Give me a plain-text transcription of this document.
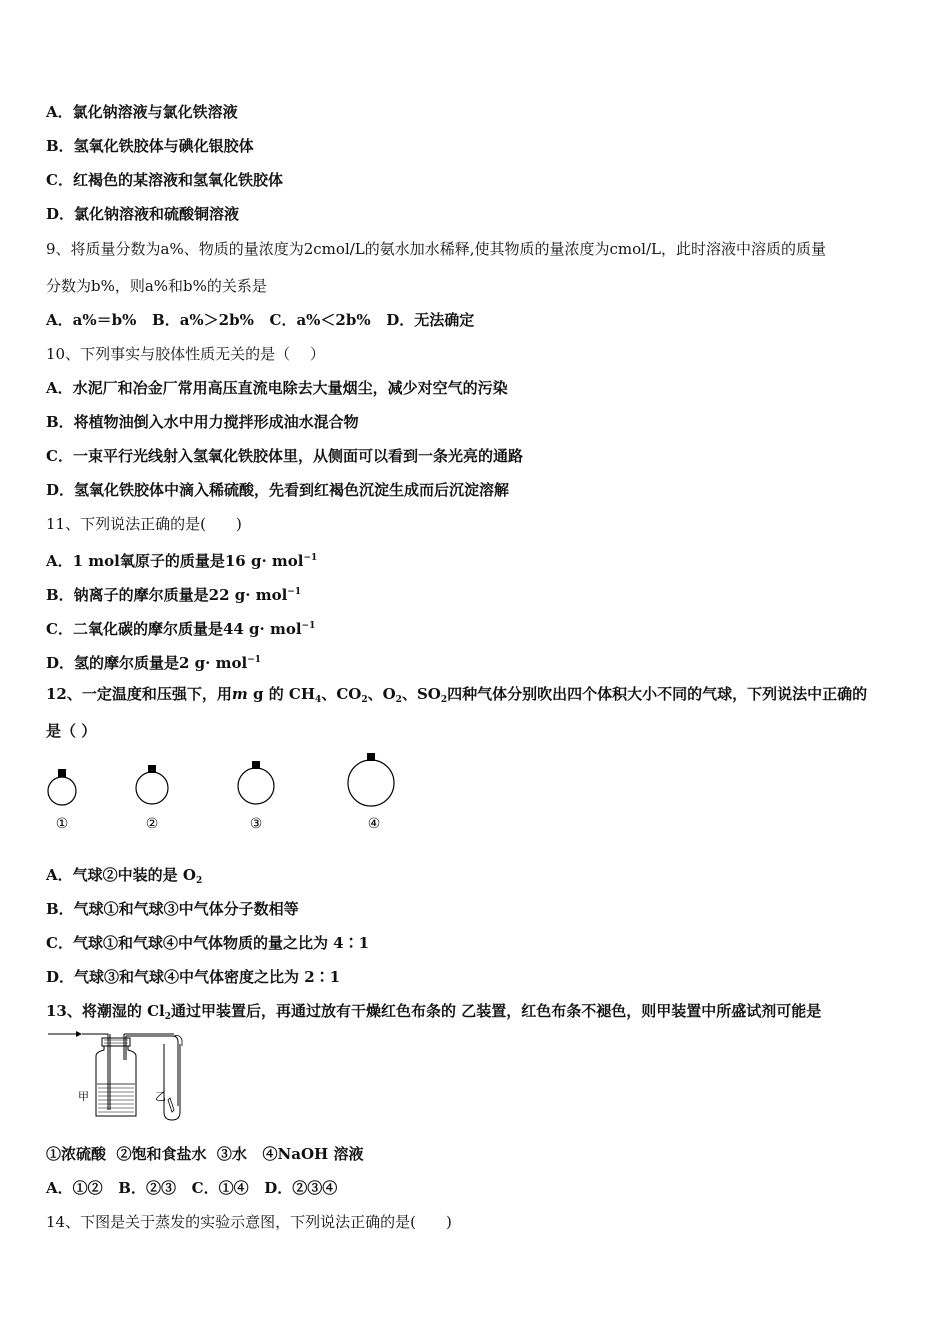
A．氯化钠溶液与氯化铁溶液
B．氢氧化铁胶体与碘化银胶体
C．红褐色的某溶液和氢氧化铁胶体
D．氯化钠溶液和硫酸铜溶液
9、将质量分数为a%、物质的量浓度为2cmol/L的氨水加水稀释,使其物质的量浓度为cmol/L，此时溶液中溶质的质量
分数为b%，则a%和b%的关系是
A．a%＝b%   B．a%＞2b%   C．a%＜2b%   D．无法确定
10、下列事实与胶体性质无关的是（　 ）
A．水泥厂和冶金厂常用高压直流电除去大量烟尘，减少对空气的污染
B．将植物油倒入水中用力搅拌形成油水混合物
C．一束平行光线射入氢氧化铁胶体里，从侧面可以看到一条光亮的通路
D．氢氧化铁胶体中滴入稀硫酸，先看到红褐色沉淀生成而后沉淀溶解
11、下列说法正确的是(　　)
A．1 mol氧原子的质量是16 g· mol$^{-1}$
B．钠离子的摩尔质量是22 g· mol$^{-1}$
C．二氧化碳的摩尔质量是44 g· mol$^{-1}$
D．氢的摩尔质量是2 g· mol$^{-1}$
12、一定温度和压强下，用m g 的 $CH_4$、$CO_2$、$O_2$、$SO_2$四种气体分别吹出四个体积大小不同的气球，下列说法中正确的
是（ ）
①	②	③	④
A．气球②中装的是 $O_2$
B．气球①和气球③中气体分子数相等
C．气球①和气球④中气体物质的量之比为 4∶1
D．气球③和气球④中气体密度之比为 2∶1
13、将潮湿的 $Cl_2$通过甲装置后，再通过放有干燥红色布条的 乙装置，红色布条不褪色，则甲装置中所盛试剂可能是
甲	乙
①浓硫酸  ②饱和食盐水  ③水   ④NaOH 溶液
A．①②   B．②③   C．①④   D．②③④
14、下图是关于蒸发的实验示意图，下列说法正确的是(　　)
